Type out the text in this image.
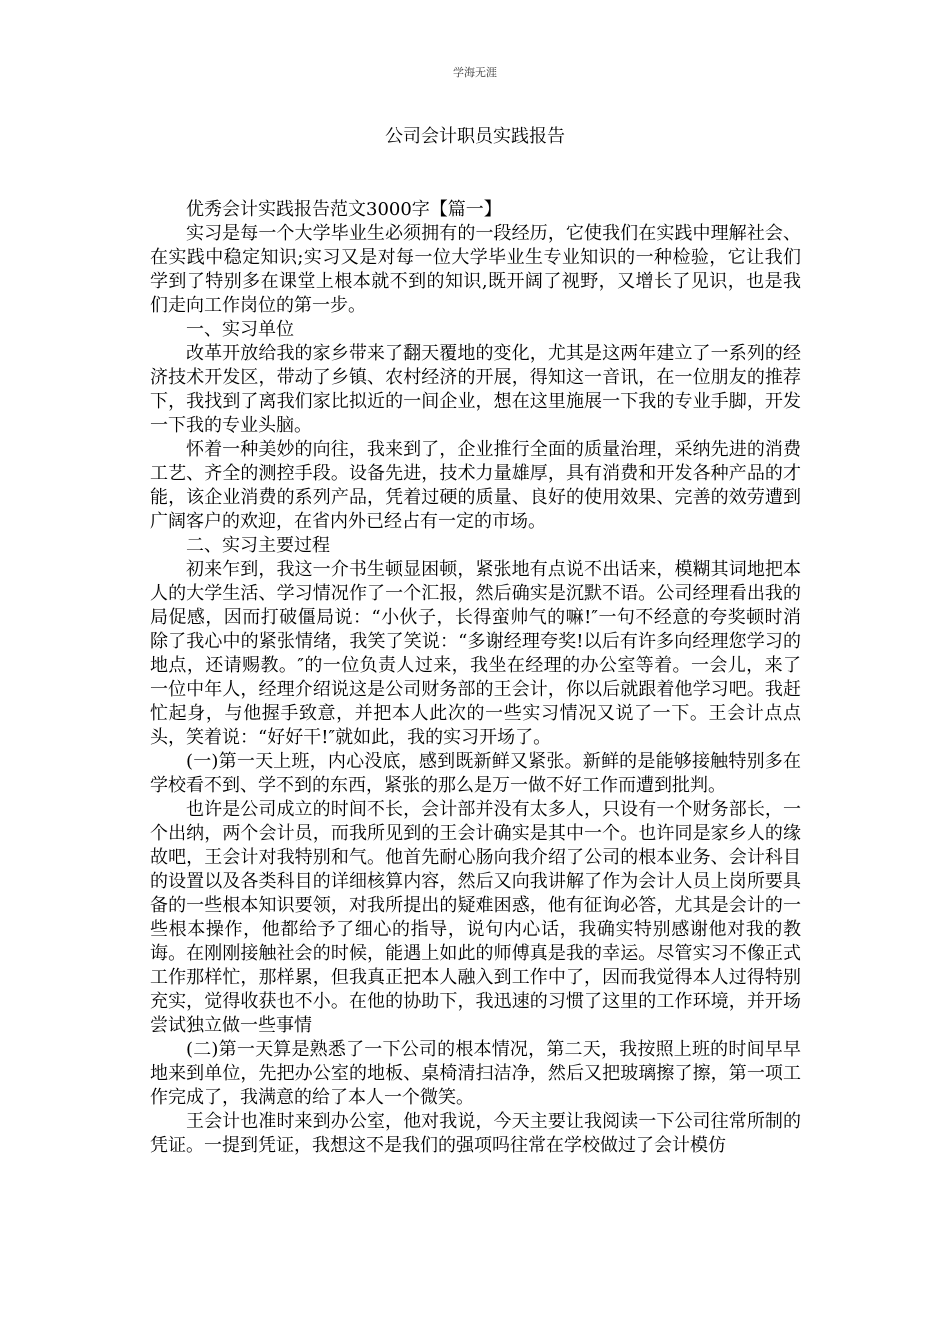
学海无涯
公司会计职员实践报告

优秀会计实践报告范文3000字【篇一】

实习是每一个大学毕业生必须拥有的一段经历，它使我们在实践中理解社会、在实践中稳定知识;实习又是对每一位大学毕业生专业知识的一种检验，它让我们学到了特别多在课堂上根本就不到的知识,既开阔了视野，又增长了见识，也是我们走向工作岗位的第一步。

一、实习单位

改革开放给我的家乡带来了翻天覆地的变化，尤其是这两年建立了一系列的经济技术开发区，带动了乡镇、农村经济的开展，得知这一音讯，在一位朋友的推荐下，我找到了离我们家比拟近的一间企业，想在这里施展一下我的专业手脚，开发一下我的专业头脑。

怀着一种美妙的向往，我来到了，企业推行全面的质量治理，采纳先进的消费工艺、齐全的测控手段。设备先进，技术力量雄厚，具有消费和开发各种产品的才能，该企业消费的系列产品，凭着过硬的质量、良好的使用效果、完善的效劳遭到广阔客户的欢迎，在省内外已经占有一定的市场。

二、实习主要过程

初来乍到，我这一介书生顿显困顿，紧张地有点说不出话来，模糊其词地把本人的大学生活、学习情况作了一个汇报，然后确实是沉默不语。公司经理看出我的局促感，因而打破僵局说：“小伙子，长得蛮帅气的嘛!″一句不经意的夸奖顿时消除了我心中的紧张情绪，我笑了笑说：“多谢经理夸奖!以后有许多向经理您学习的地点，还请赐教。″的一位负责人过来，我坐在经理的办公室等着。一会儿，来了一位中年人，经理介绍说这是公司财务部的王会计，你以后就跟着他学习吧。我赶忙起身，与他握手致意，并把本人此次的一些实习情况又说了一下。王会计点点头，笑着说：“好好干!″就如此，我的实习开场了。

(一)第一天上班，内心没底，感到既新鲜又紧张。新鲜的是能够接触特别多在学校看不到、学不到的东西，紧张的那么是万一做不好工作而遭到批判。

也许是公司成立的时间不长，会计部并没有太多人，只设有一个财务部长，一个出纳，两个会计员，而我所见到的王会计确实是其中一个。也许同是家乡人的缘故吧，王会计对我特别和气。他首先耐心肠向我介绍了公司的根本业务、会计科目的设置以及各类科目的详细核算内容，然后又向我讲解了作为会计人员上岗所要具备的一些根本知识要领，对我所提出的疑难困惑，他有征询必答，尤其是会计的一些根本操作，他都给予了细心的指导，说句内心话，我确实特别感谢他对我的教诲。在刚刚接触社会的时候，能遇上如此的师傅真是我的幸运。尽管实习不像正式工作那样忙，那样累，但我真正把本人融入到工作中了，因而我觉得本人过得特别充实，觉得收获也不小。在他的协助下，我迅速的习惯了这里的工作环境，并开场尝试独立做一些事情

(二)第一天算是熟悉了一下公司的根本情况，第二天，我按照上班的时间早早地来到单位，先把办公室的地板、桌椅清扫洁净，然后又把玻璃擦了擦，第一项工作完成了，我满意的给了本人一个微笑。

王会计也准时来到办公室，他对我说，今天主要让我阅读一下公司往常所制的凭证。一提到凭证，我想这不是我们的强项吗往常在学校做过了会计模仿
